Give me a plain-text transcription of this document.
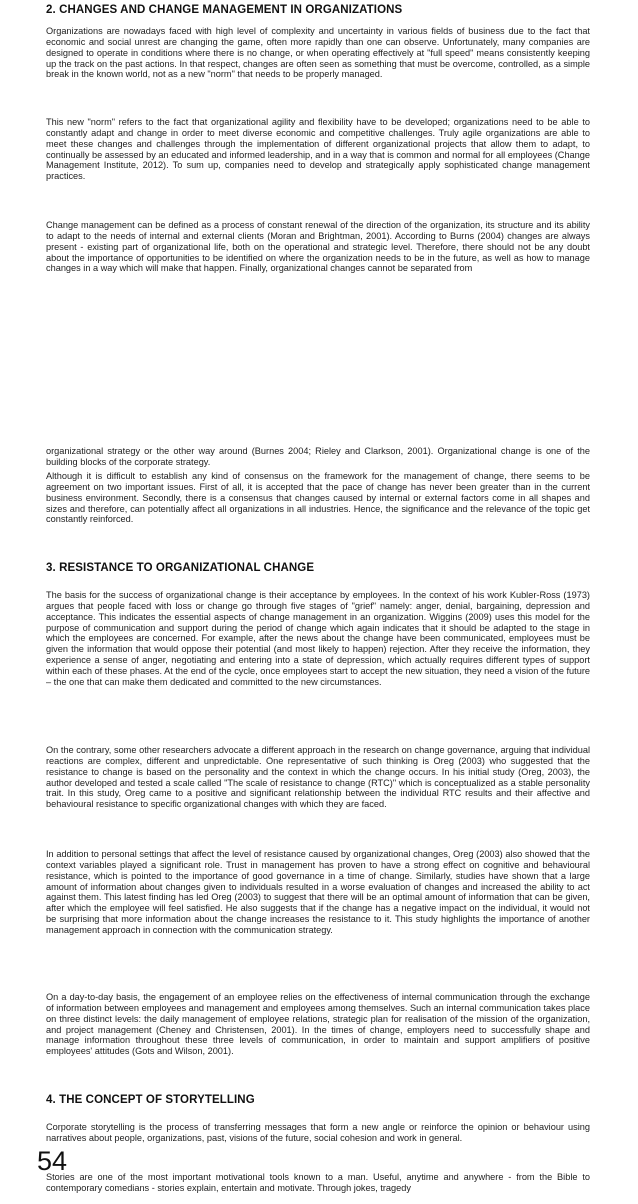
2. CHANGES AND CHANGE MANAGEMENT IN ORGANIZATIONS

Organizations are nowadays faced with high level of complexity and uncertainty in various fields of business due to the fact that economic and social unrest are changing the game, often more rapidly than one can observe. Unfortunately, many companies are designed to operate in conditions where there is no change, or when operating effectively at "full speed" means consistently keeping up the track on the past actions. In that respect, changes are often seen as something that must be overcome, controlled, as a simple break in the known world, not as a new "norm" that needs to be properly managed.

This new "norm" refers to the fact that organizational agility and flexibility have to be developed; organizations need to be able to constantly adapt and change in order to meet diverse economic and competitive challenges. Truly agile organizations are able to meet these changes and challenges through the implementation of different organizational projects that allow them to adapt, to continually be assessed by an educated and informed leadership, and in a way that is common and normal for all employees (Change Management Institute, 2012). To sum up, companies need to develop and strategically apply sophisticated change management practices.

Change management can be defined as a process of constant renewal of the direction of the organization, its structure and its ability to adapt to the needs of internal and external clients (Moran and Brightman, 2001). According to Burns (2004) changes are always present - existing part of organizational life, both on the operational and strategic level. Therefore, there should not be any doubt about the importance of opportunities to be identified on where the organization needs to be in the future, as well as how to manage changes in a way which will make that happen. Finally, organizational changes cannot be separated from

organizational strategy or the other way around (Burnes 2004; Rieley and Clarkson, 2001). Organizational change is one of the building blocks of the corporate strategy.

Although it is difficult to establish any kind of consensus on the framework for the management of change, there seems to be agreement on two important issues. First of all, it is accepted that the pace of change has never been greater than in the current business environment. Secondly, there is a consensus that changes caused by internal or external factors come in all shapes and sizes and therefore, can potentially affect all organizations in all industries. Hence, the significance and the relevance of the topic get constantly reinforced.

3. RESISTANCE TO ORGANIZATIONAL CHANGE

The basis for the success of organizational change is their acceptance by employees. In the context of his work Kubler-Ross (1973) argues that people faced with loss or change go through five stages of "grief" namely: anger, denial, bargaining, depression and acceptance. This indicates the essential aspects of change management in an organization. Wiggins (2009) uses this model for the purpose of communication and support during the period of change which again indicates that it should be adapted to the stage in which the employees are concerned. For example, after the news about the change have been communicated, employees must be given the information that would oppose their potential (and most likely to happen) rejection. After they receive the information, they experience a sense of anger, negotiating and entering into a state of depression, which actually requires different types of support within each of these phases. At the end of the cycle, once employees start to accept the new situation, they need a vision of the future – the one that can make them dedicated and committed to the new circumstances.

On the contrary, some other researchers advocate a different approach in the research on change governance, arguing that individual reactions are complex, different and unpredictable. One representative of such thinking is Oreg (2003) who suggested that the resistance to change is based on the personality and the context in which the change occurs. In his initial study (Oreg, 2003), the author developed and tested a scale called "The scale of resistance to change (RTC)" which is conceptualized as a stable personality trait. In this study, Oreg came to a positive and significant relationship between the individual RTC results and their affective and behavioural resistance to specific organizational changes with which they are faced.

In addition to personal settings that affect the level of resistance caused by organizational changes, Oreg (2003) also showed that the context variables played a significant role. Trust in management has proven to have a strong effect on cognitive and behavioural resistance, which is pointed to the importance of good governance in a time of change. Similarly, studies have shown that a large amount of information about changes given to individuals resulted in a worse evaluation of changes and increased the ability to act against them. This latest finding has led Oreg (2003) to suggest that there will be an optimal amount of information that can be given, after which the employee will feel satisfied. He also suggests that if the change has a negative impact on the individual, it would not be surprising that more information about the change increases the resistance to it. This study highlights the importance of another management approach in connection with the communication strategy.

On a day-to-day basis, the engagement of an employee relies on the effectiveness of internal communication through the exchange of information between employees and management and employees among themselves. Such an internal communication takes place on three distinct levels: the daily management of employee relations, strategic plan for realisation of the mission of the organization, and project management (Cheney and Christensen, 2001). In the times of change, employers need to successfully shape and manage information throughout these three levels of communication, in order to maintain and support amplifiers of positive employees' attitudes (Gots and Wilson, 2001).

4. THE CONCEPT OF STORYTELLING

Corporate storytelling is the process of transferring messages that form a new angle or reinforce the opinion or behaviour using narratives about people, organizations, past, visions of the future, social cohesion and work in general.

Stories are one of the most important motivational tools known to a man. Useful, anytime and anywhere - from the Bible to contemporary comedians - stories explain, entertain and motivate. Through jokes, tragedy

54
